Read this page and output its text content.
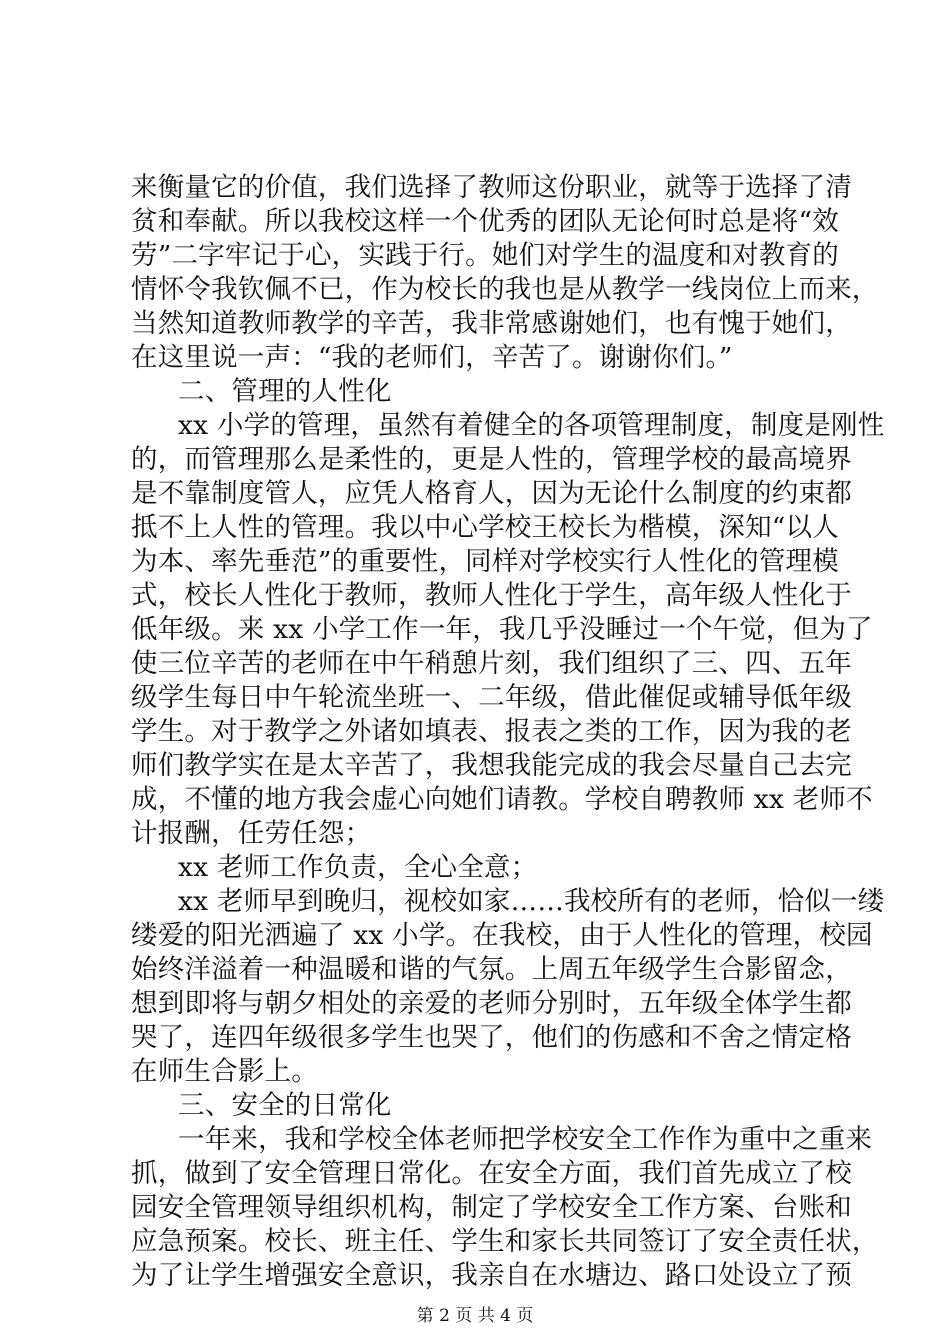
来衡量它的价值，我们选择了教师这份职业，就等于选择了清
贫和奉献。所以我校这样一个优秀的团队无论何时总是将“效
劳”二字牢记于心，实践于行。她们对学生的温度和对教育的
情怀令我钦佩不已，作为校长的我也是从教学一线岗位上而来，
当然知道教师教学的辛苦，我非常感谢她们，也有愧于她们，
在这里说一声：“我的老师们，辛苦了。谢谢你们。”
二、管理的人性化
xx 小学的管理，虽然有着健全的各项管理制度，制度是刚性
的，而管理那么是柔性的，更是人性的，管理学校的最高境界
是不靠制度管人，应凭人格育人，因为无论什么制度的约束都
抵不上人性的管理。我以中心学校王校长为楷模，深知“以人
为本、率先垂范”的重要性，同样对学校实行人性化的管理模
式，校长人性化于教师，教师人性化于学生，高年级人性化于
低年级。来 xx 小学工作一年，我几乎没睡过一个午觉，但为了
使三位辛苦的老师在中午稍憩片刻，我们组织了三、四、五年
级学生每日中午轮流坐班一、二年级，借此催促或辅导低年级
学生。对于教学之外诸如填表、报表之类的工作，因为我的老
师们教学实在是太辛苦了，我想我能完成的我会尽量自己去完
成，不懂的地方我会虚心向她们请教。学校自聘教师 xx 老师不
计报酬，任劳任怨；
xx 老师工作负责，全心全意；
xx 老师早到晚归，视校如家……我校所有的老师，恰似一缕
缕爱的阳光洒遍了 xx 小学。在我校，由于人性化的管理，校园
始终洋溢着一种温暖和谐的气氛。上周五年级学生合影留念，
想到即将与朝夕相处的亲爱的老师分别时，五年级全体学生都
哭了，连四年级很多学生也哭了，他们的伤感和不舍之情定格
在师生合影上。
三、安全的日常化
一年来，我和学校全体老师把学校安全工作作为重中之重来
抓，做到了安全管理日常化。在安全方面，我们首先成立了校
园安全管理领导组织机构，制定了学校安全工作方案、台账和
应急预案。校长、班主任、学生和家长共同签订了安全责任状，
为了让学生增强安全意识，我亲自在水塘边、路口处设立了预
第 2 页 共 4 页
